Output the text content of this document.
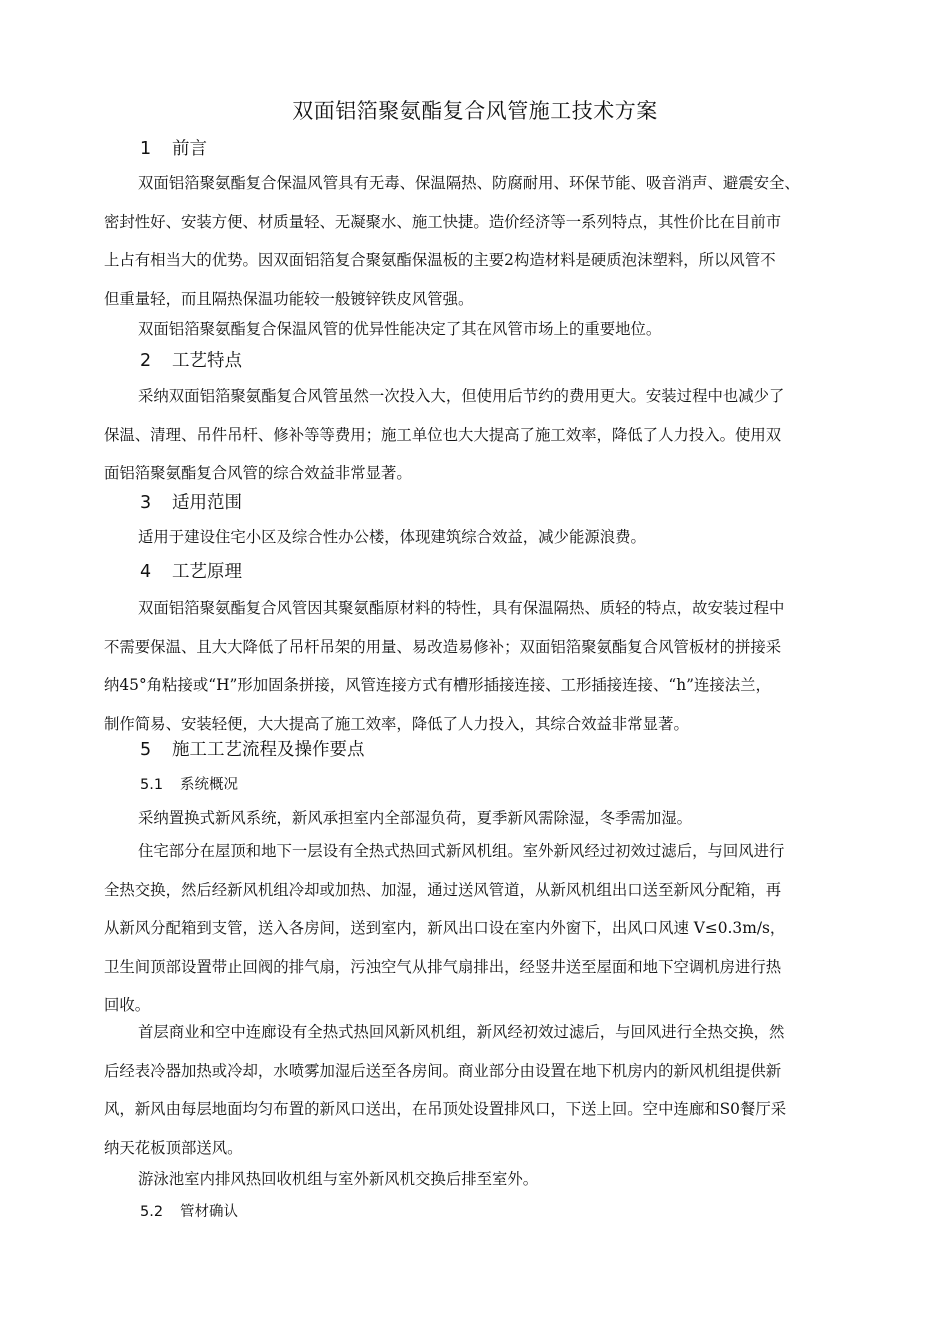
双面铝箔聚氨酯复合风管施工技术方案
1 前言
双面铝箔聚氨酯复合保温风管具有无毒、保温隔热、防腐耐用、环保节能、吸音消声、避震安全、
密封性好、安装方便、材质量轻、无凝聚水、施工快捷。造价经济等一系列特点，其性价比在目前市
上占有相当大的优势。因双面铝箔复合聚氨酯保温板的主要2构造材料是硬质泡沫塑料，所以风管不
但重量轻，而且隔热保温功能较一般镀锌铁皮风管强。
双面铝箔聚氨酯复合保温风管的优异性能决定了其在风管市场上的重要地位。
2 工艺特点
采纳双面铝箔聚氨酯复合风管虽然一次投入大，但使用后节约的费用更大。安装过程中也减少了
保温、清理、吊件吊杆、修补等等费用；施工单位也大大提高了施工效率，降低了人力投入。使用双
面铝箔聚氨酯复合风管的综合效益非常显著。
3 适用范围
适用于建设住宅小区及综合性办公楼，体现建筑综合效益，减少能源浪费。
4 工艺原理
双面铝箔聚氨酯复合风管因其聚氨酯原材料的特性，具有保温隔热、质轻的特点，故安装过程中
不需要保温、且大大降低了吊杆吊架的用量、易改造易修补；双面铝箔聚氨酯复合风管板材的拼接采
纳45°角粘接或“H”形加固条拼接，风管连接方式有槽形插接连接、工形插接连接、“h”连接法兰，
制作简易、安装轻便，大大提高了施工效率，降低了人力投入，其综合效益非常显著。
5 施工工艺流程及操作要点
5.1 系统概况
采纳置换式新风系统，新风承担室内全部湿负荷，夏季新风需除湿，冬季需加湿。
住宅部分在屋顶和地下一层设有全热式热回式新风机组。室外新风经过初效过滤后，与回风进行
全热交换，然后经新风机组冷却或加热、加湿，通过送风管道，从新风机组出口送至新风分配箱，再
从新风分配箱到支管，送入各房间，送到室内，新风出口设在室内外窗下，出风口风速 V≤0.3m/s，
卫生间顶部设置带止回阀的排气扇，污浊空气从排气扇排出，经竖井送至屋面和地下空调机房进行热
回收。
首层商业和空中连廊设有全热式热回风新风机组，新风经初效过滤后，与回风进行全热交换，然
后经表冷器加热或冷却，水喷雾加湿后送至各房间。商业部分由设置在地下机房内的新风机组提供新
风，新风由每层地面均匀布置的新风口送出，在吊顶处设置排风口，下送上回。空中连廊和S0餐厅采
纳天花板顶部送风。
游泳池室内排风热回收机组与室外新风机交换后排至室外。
5.2 管材确认
